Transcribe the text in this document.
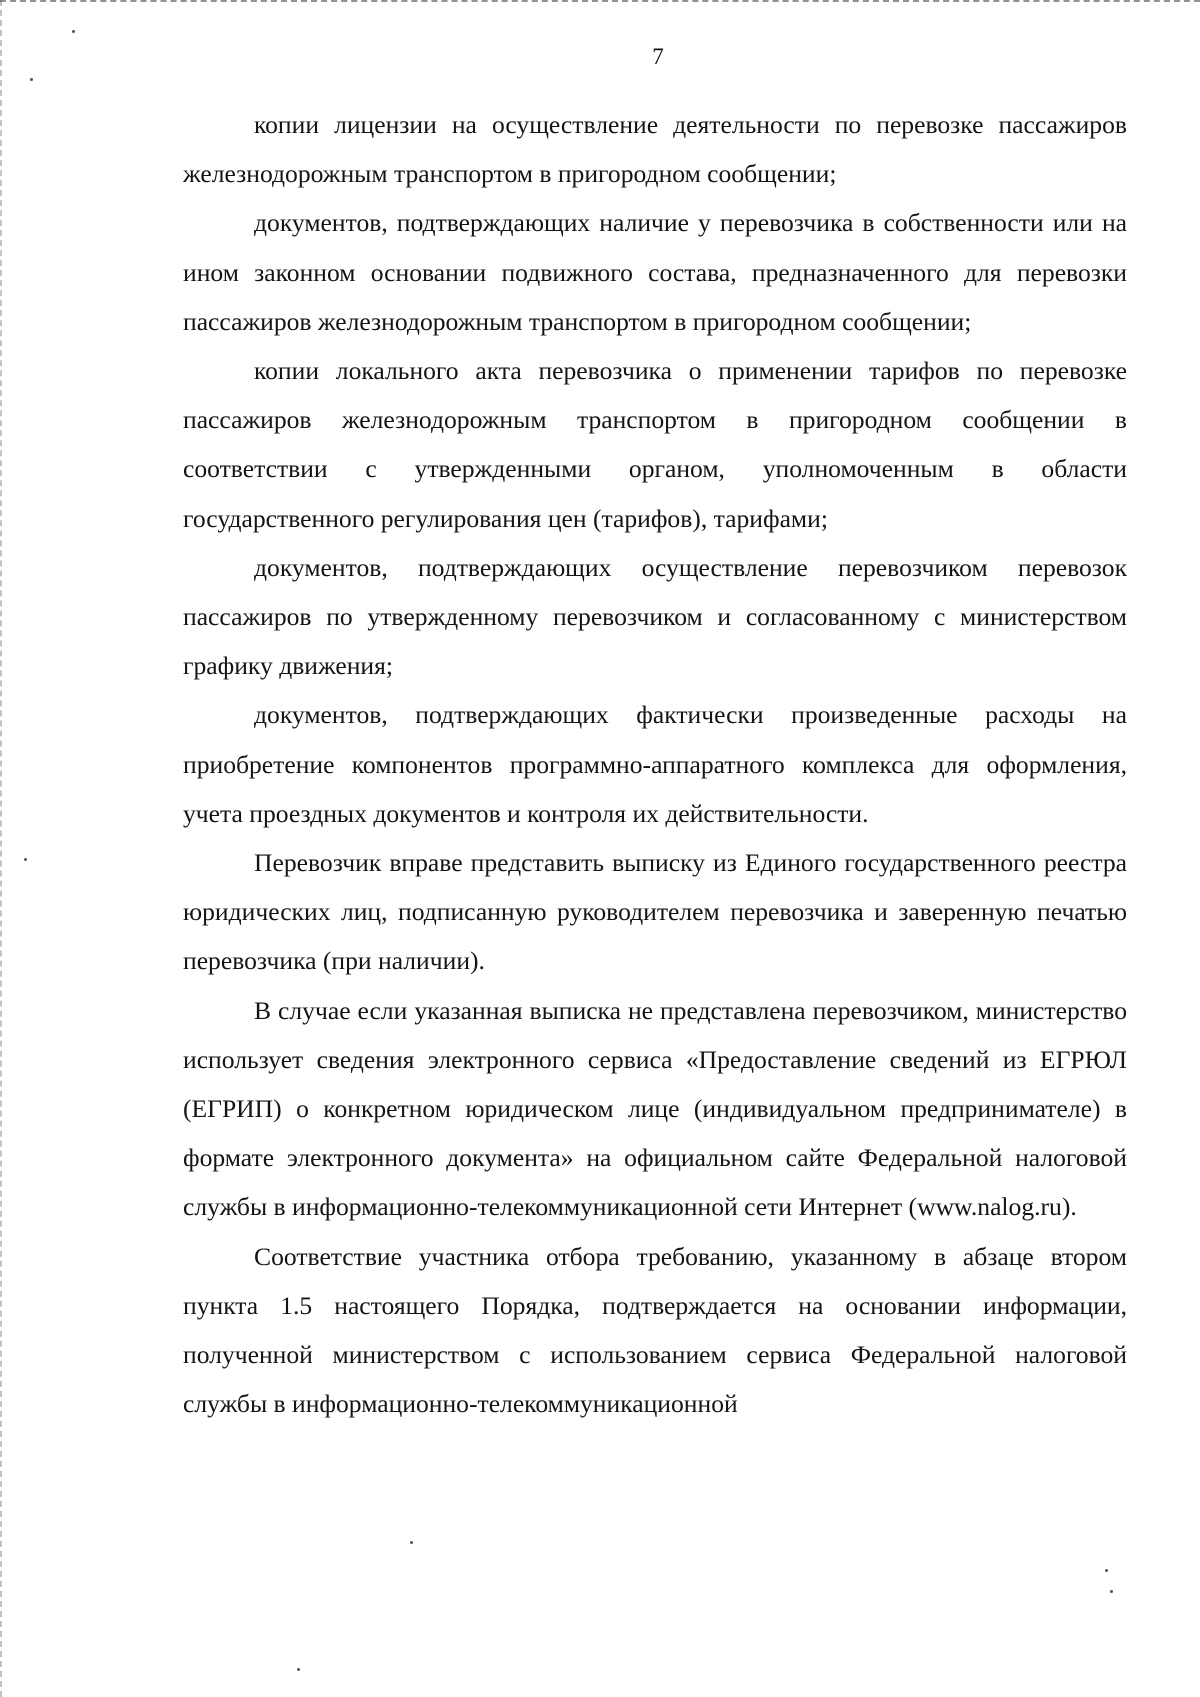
7

копии лицензии на осуществление деятельности по перевозке пассажиров железнодорожным транспортом в пригородном сообщении;

документов, подтверждающих наличие у перевозчика в собственности или на ином законном основании подвижного состава, предназначенного для перевозки пассажиров железнодорожным транспортом в пригородном сообщении;

копии локального акта перевозчика о применении тарифов по перевозке пассажиров железнодорожным транспортом в пригородном сообщении в соответствии с утвержденными органом, уполномоченным в области государственного регулирования цен (тарифов), тарифами;

документов, подтверждающих осуществление перевозчиком перевозок пассажиров по утвержденному перевозчиком и согласованному с министерством графику движения;

документов, подтверждающих фактически произведенные расходы на приобретение компонентов программно-аппаратного комплекса для оформления, учета проездных документов и контроля их действительности.

Перевозчик вправе представить выписку из Единого государственного реестра юридических лиц, подписанную руководителем перевозчика и заверенную печатью перевозчика (при наличии).

В случае если указанная выписка не представлена перевозчиком, министерство использует сведения электронного сервиса «Предоставление сведений из ЕГРЮЛ (ЕГРИП) о конкретном юридическом лице (индивидуальном предпринимателе) в формате электронного документа» на официальном сайте Федеральной налоговой службы в информационно-телекоммуникационной сети Интернет (www.nalog.ru).

Соответствие участника отбора требованию, указанному в абзаце втором пункта 1.5 настоящего Порядка, подтверждается на основании информации, полученной министерством с использованием сервиса Федеральной налоговой службы в информационно-телекоммуникационной
